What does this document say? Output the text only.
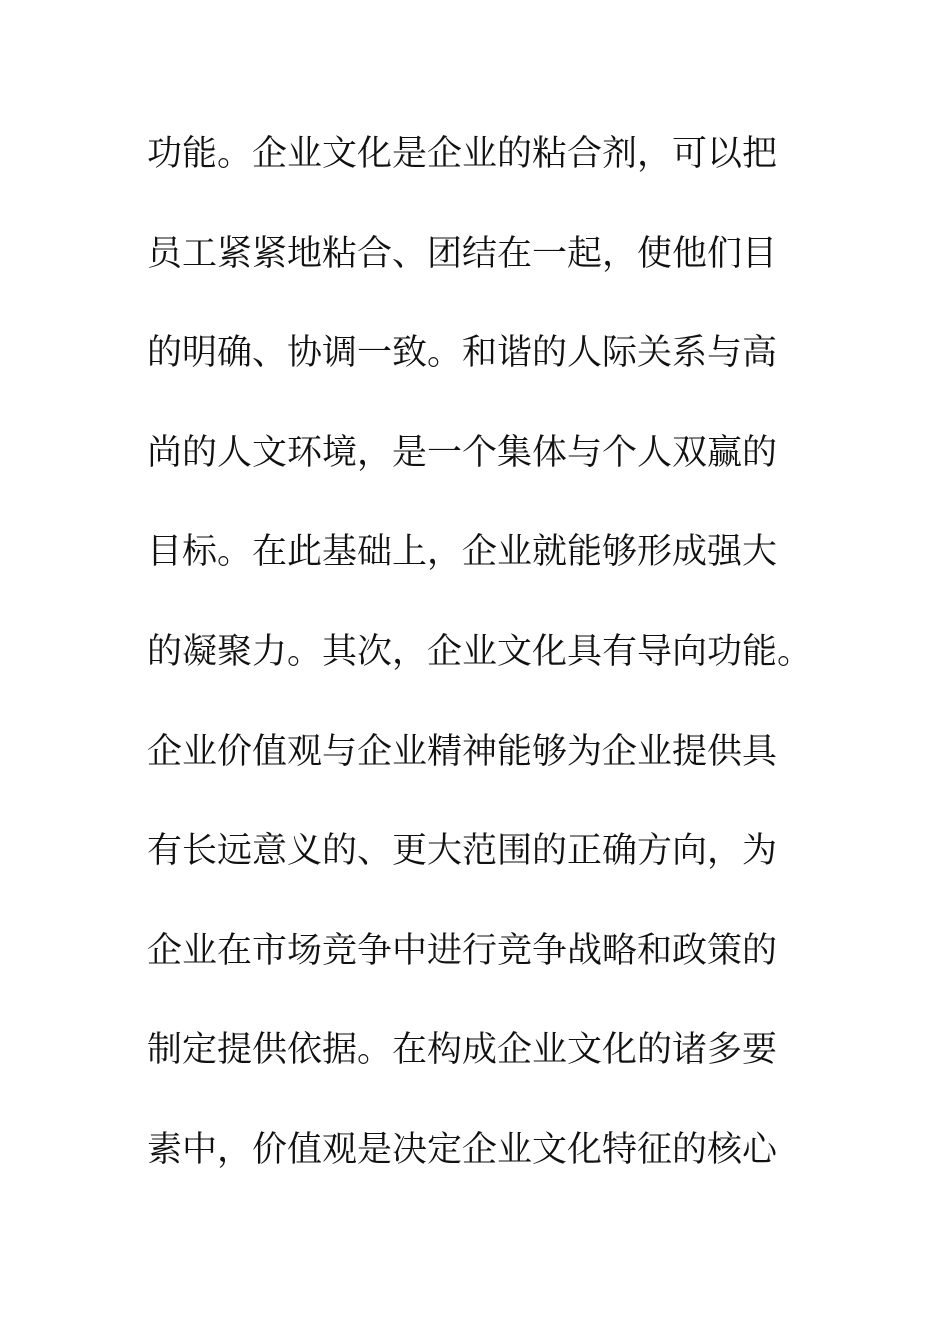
功能。企业文化是企业的粘合剂，可以把
员工紧紧地粘合、团结在一起，使他们目
的明确、协调一致。和谐的人际关系与高
尚的人文环境，是一个集体与个人双赢的
目标。在此基础上，企业就能够形成强大
的凝聚力。其次，企业文化具有导向功能。
企业价值观与企业精神能够为企业提供具
有长远意义的、更大范围的正确方向，为
企业在市场竞争中进行竞争战略和政策的
制定提供依据。在构成企业文化的诸多要
素中，价值观是决定企业文化特征的核心
